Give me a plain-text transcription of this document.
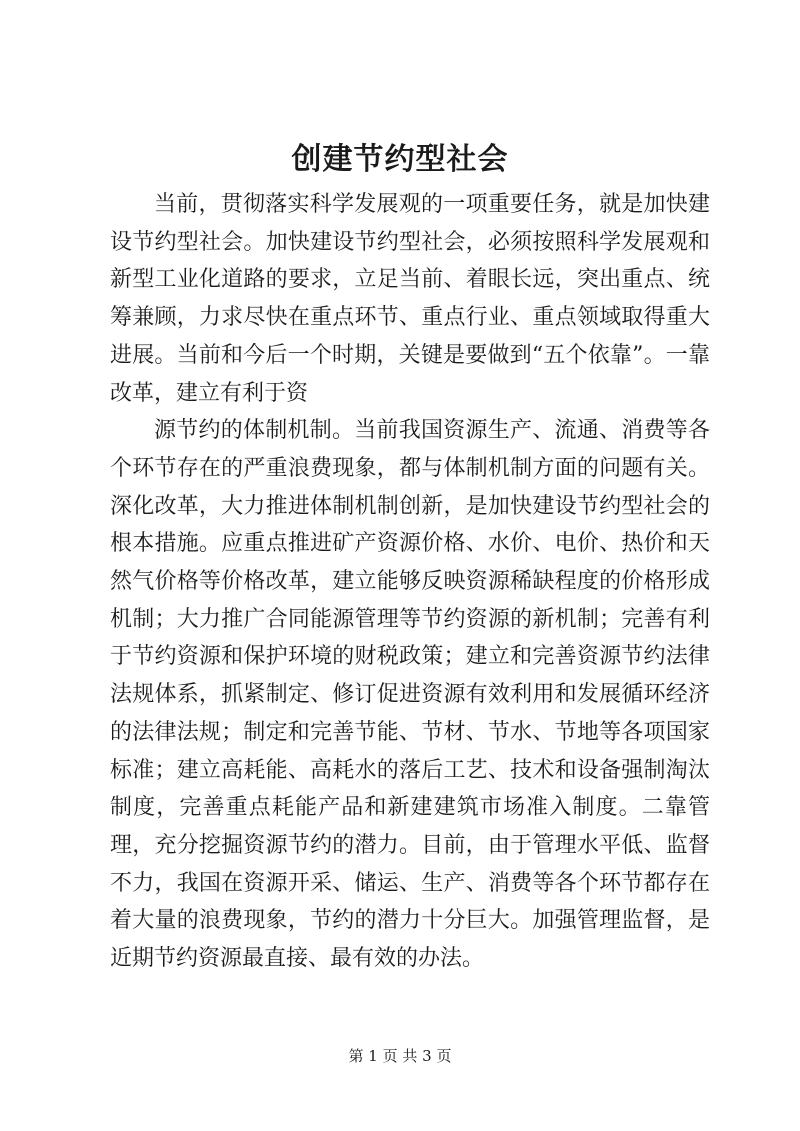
创建节约型社会

当前，贯彻落实科学发展观的一项重要任务，就是加快建设节约型社会。加快建设节约型社会，必须按照科学发展观和新型工业化道路的要求，立足当前、着眼长远，突出重点、统筹兼顾，力求尽快在重点环节、重点行业、重点领域取得重大进展。当前和今后一个时期，关键是要做到“五个依靠”。一靠改革，建立有利于资

源节约的体制机制。当前我国资源生产、流通、消费等各个环节存在的严重浪费现象，都与体制机制方面的问题有关。深化改革，大力推进体制机制创新，是加快建设节约型社会的根本措施。应重点推进矿产资源价格、水价、电价、热价和天然气价格等价格改革，建立能够反映资源稀缺程度的价格形成机制；大力推广合同能源管理等节约资源的新机制；完善有利于节约资源和保护环境的财税政策；建立和完善资源节约法律法规体系，抓紧制定、修订促进资源有效利用和发展循环经济的法律法规；制定和完善节能、节材、节水、节地等各项国家标准；建立高耗能、高耗水的落后工艺、技术和设备强制淘汰制度，完善重点耗能产品和新建建筑市场准入制度。二靠管理，充分挖掘资源节约的潜力。目前，由于管理水平低、监督不力，我国在资源开采、储运、生产、消费等各个环节都存在着大量的浪费现象，节约的潜力十分巨大。加强管理监督，是近期节约资源最直接、最有效的办法。

第 1 页 共 3 页
